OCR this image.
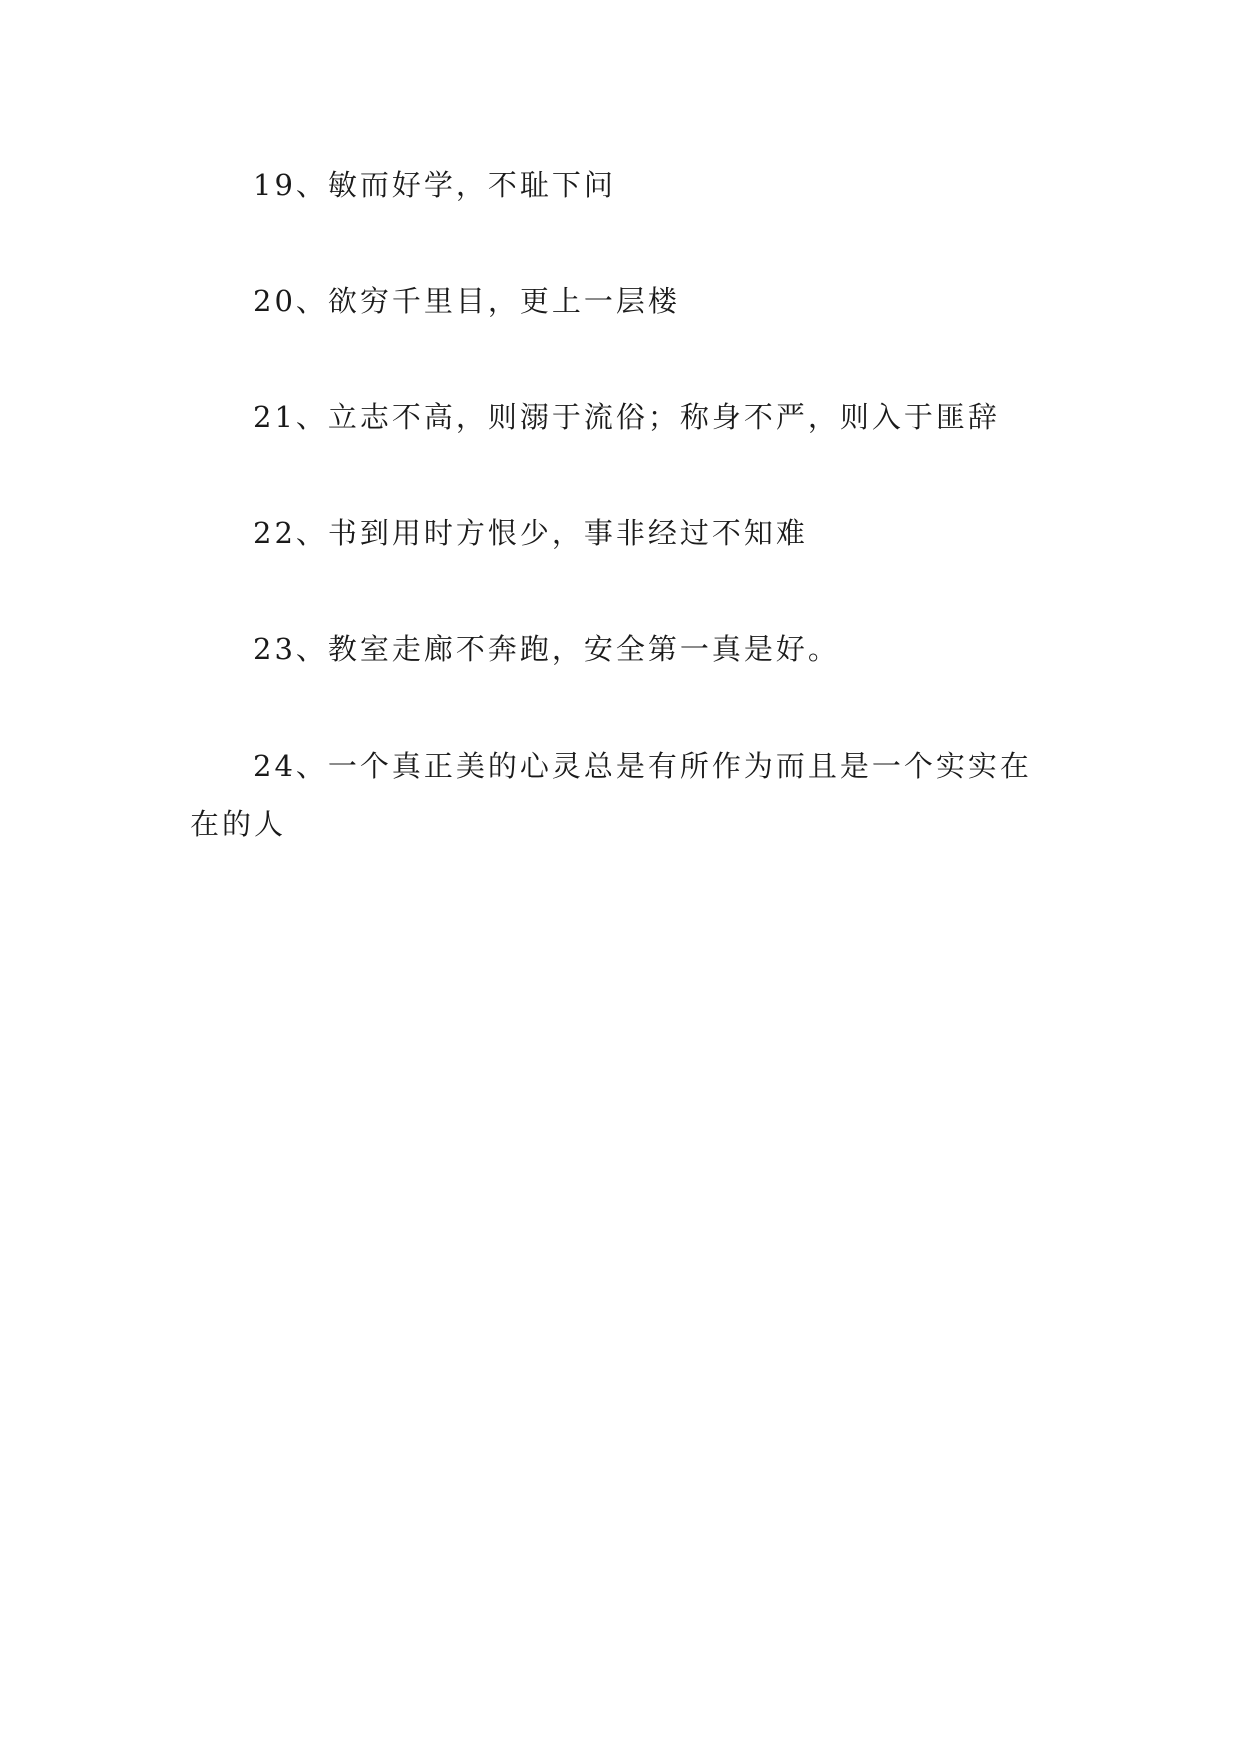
19、敏而好学，不耻下问

20、欲穷千里目，更上一层楼

21、立志不高，则溺于流俗；称身不严，则入于匪辞

22、书到用时方恨少，事非经过不知难

23、教室走廊不奔跑，安全第一真是好。

24、一个真正美的心灵总是有所作为而且是一个实实在在的人
